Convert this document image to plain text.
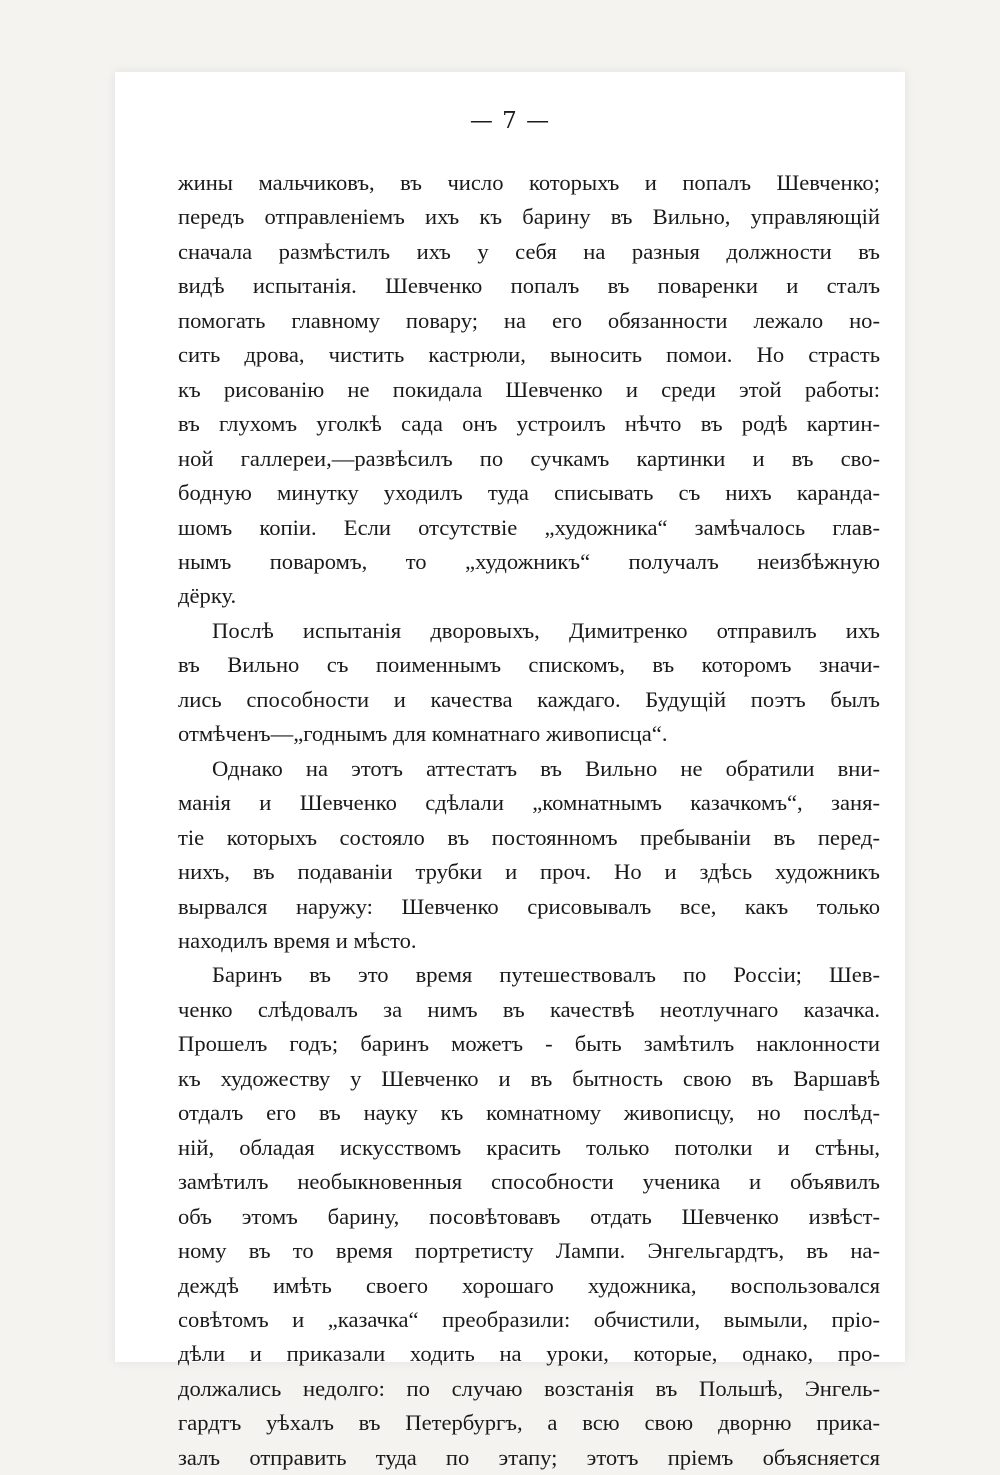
— 7 —
жины мальчиковъ, въ число которыхъ и попалъ Шевченко;
передъ отправленіемъ ихъ къ барину въ Вильно, управляющій
сначала размѣстилъ ихъ у себя на разныя должности въ
видѣ испытанія. Шевченко попалъ въ поваренки и сталъ
помогать главному повару; на его обязанности лежало но-
сить дрова, чистить кастрюли, выносить помои. Но страсть
къ рисованію не покидала Шевченко и среди этой работы:
въ глухомъ уголкѣ сада онъ устроилъ нѣчто въ родѣ картин-
ной галлереи,—развѣсилъ по сучкамъ картинки и въ сво-
бодную минутку уходилъ туда списывать съ нихъ каранда-
шомъ копіи. Если отсутствіе „художника“ замѣчалось глав-
нымъ поваромъ, то „художникъ“ получалъ неизбѣжную
дёрку.
Послѣ испытанія дворовыхъ, Димитренко отправилъ ихъ
въ Вильно съ поименнымъ спискомъ, въ которомъ значи-
лись способности и качества каждаго. Будущій поэтъ былъ
отмѣченъ—„годнымъ для комнатнаго живописца“.
Однако на этотъ аттестатъ въ Вильно не обратили вни-
манія и Шевченко сдѣлали „комнатнымъ казачкомъ“, заня-
тіе которыхъ состояло въ постоянномъ пребываніи въ перед-
нихъ, въ подаваніи трубки и проч. Но и здѣсь художникъ
вырвался наружу: Шевченко срисовывалъ все, какъ только
находилъ время и мѣсто.
Баринъ въ это время путешествовалъ по Россіи; Шев-
ченко слѣдовалъ за нимъ въ качествѣ неотлучнаго казачка.
Прошелъ годъ; баринъ можетъ - быть замѣтилъ наклонности
къ художеству у Шевченко и въ бытность свою въ Варшавѣ
отдалъ его въ науку къ комнатному живописцу, но послѣд-
ній, обладая искусствомъ красить только потолки и стѣны,
замѣтилъ необыкновенныя способности ученика и объявилъ
объ этомъ барину, посовѣтовавъ отдать Шевченко извѣст-
ному въ то время портретисту Лампи. Энгельгардтъ, въ на-
деждѣ имѣть своего хорошаго художника, воспользовался
совѣтомъ и „казачка“ преобразили: обчистили, вымыли, пріо-
дѣли и приказали ходить на уроки, которые, однако, про-
должались недолго: по случаю возстанія въ Польшѣ, Энгель-
гардтъ уѣхалъ въ Петербургъ, а всю свою дворню прика-
залъ отправить туда по этапу; этотъ пріемъ объясняется
